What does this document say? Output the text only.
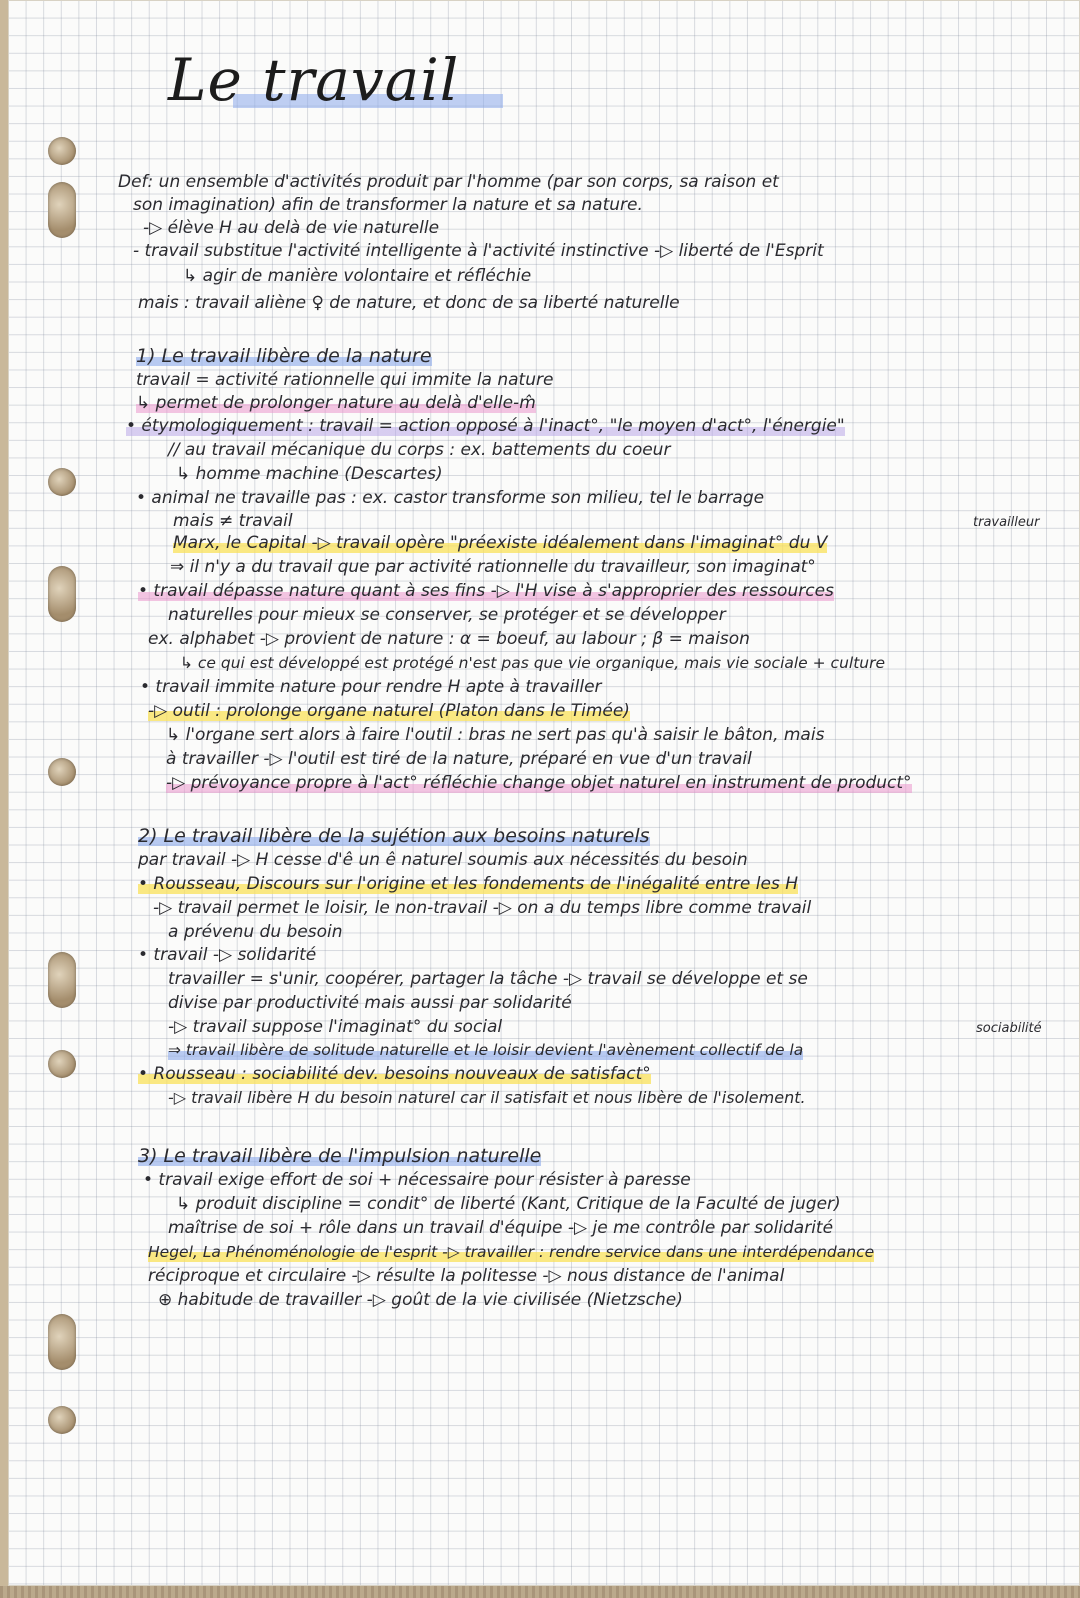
Le travail
Def: un ensemble d'activités produit par l'homme (par son corps, sa raison et
son imagination) afin de transformer la nature et sa nature.
-▷ élève H au delà de vie naturelle
- travail substitue l'activité intelligente à l'activité instinctive -▷ liberté de l'Esprit
↳ agir de manière volontaire et réfléchie
mais : travail aliène ♀ de nature, et donc de sa liberté naturelle
1) Le travail libère de la nature
travail = activité rationnelle qui immite la nature
↳ permet de prolonger nature au delà d'elle-m̂
• étymologiquement : travail = action opposé à l'inact°, "le moyen d'act°, l'énergie"
// au travail mécanique du corps : ex. battements du coeur
↳ homme machine (Descartes)
• animal ne travaille pas : ex. castor transforme son milieu, tel le barrage
mais ≠ travail	travailleur
Marx, le Capital -▷ travail opère "préexiste idéalement dans l'imaginat° du V
⇒ il n'y a du travail que par activité rationnelle du travailleur, son imaginat°
• travail dépasse nature quant à ses fins -▷ l'H vise à s'approprier des ressources
naturelles pour mieux se conserver, se protéger et se développer
ex. alphabet -▷ provient de nature : α = boeuf, au labour ; β = maison
↳ ce qui est développé est protégé n'est pas que vie organique, mais vie sociale + culture
• travail immite nature pour rendre H apte à travailler
-▷ outil : prolonge organe naturel (Platon dans le Timée)
↳ l'organe sert alors à faire l'outil : bras ne sert pas qu'à saisir le bâton, mais
à travailler -▷ l'outil est tiré de la nature, préparé en vue d'un travail
-▷ prévoyance propre à l'act° réfléchie change objet naturel en instrument de product°
2) Le travail libère de la sujétion aux besoins naturels
par travail -▷ H cesse d'ê un ê naturel soumis aux nécessités du besoin
• Rousseau, Discours sur l'origine et les fondements de l'inégalité entre les H
-▷ travail permet le loisir, le non-travail -▷ on a du temps libre comme travail
a prévenu du besoin
• travail -▷ solidarité
travailler = s'unir, coopérer, partager la tâche -▷ travail se développe et se
divise par productivité mais aussi par solidarité
-▷ travail suppose l'imaginat° du social	sociabilité
⇒ travail libère de solitude naturelle et le loisir devient l'avènement collectif de la
• Rousseau : sociabilité dev. besoins nouveaux de satisfact°
-▷ travail libère H du besoin naturel car il satisfait et nous libère de l'isolement.
3) Le travail libère de l'impulsion naturelle
• travail exige effort de soi + nécessaire pour résister à paresse
↳ produit discipline = condit° de liberté (Kant, Critique de la Faculté de juger)
maîtrise de soi + rôle dans un travail d'équipe -▷ je me contrôle par solidarité
Hegel, La Phénoménologie de l'esprit -▷ travailler : rendre service dans une interdépendance
réciproque et circulaire -▷ résulte la politesse -▷ nous distance de l'animal
⊕ habitude de travailler -▷ goût de la vie civilisée (Nietzsche)
